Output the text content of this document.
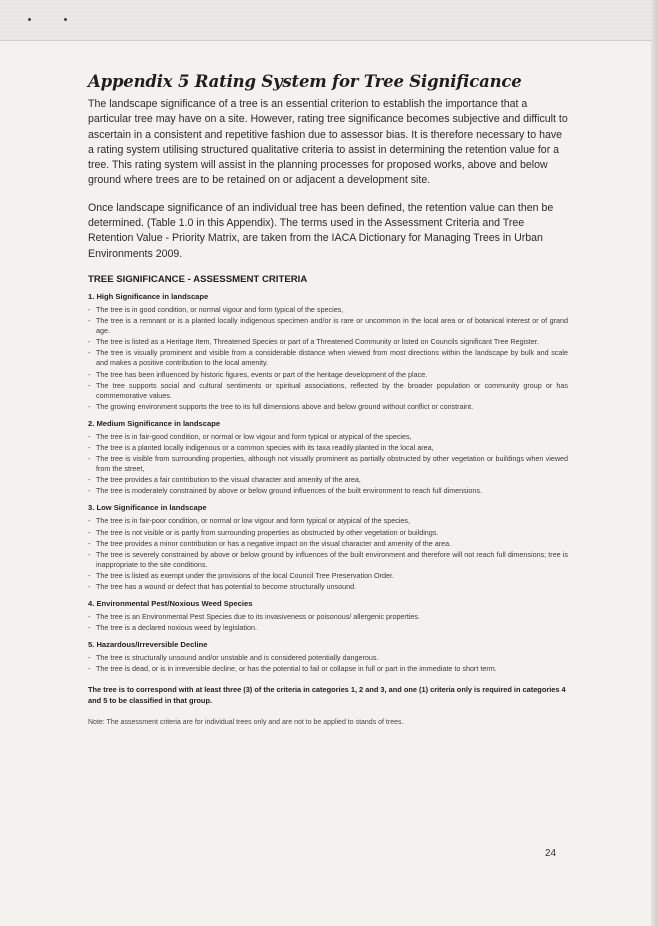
Appendix 5 Rating System for Tree Significance

The landscape significance of a tree is an essential criterion to establish the importance that a particular tree may have on a site. However, rating tree significance becomes subjective and difficult to ascertain in a consistent and repetitive fashion due to assessor bias. It is therefore necessary to have a rating system utilising structured qualitative criteria to assist in determining the retention value for a tree. This rating system will assist in the planning processes for proposed works, above and below ground where trees are to be retained on or adjacent a development site.

Once landscape significance of an individual tree has been defined, the retention value can then be determined. (Table 1.0 in this Appendix). The terms used in the Assessment Criteria and Tree Retention Value - Priority Matrix, are taken from the IACA Dictionary for Managing Trees in Urban Environments 2009.

TREE SIGNIFICANCE - ASSESSMENT CRITERIA
1. High Significance in landscape
- The tree is in good condition, or normal vigour and form typical of the species,
- The tree is a remnant or is a planted locally indigenous specimen and/or is rare or uncommon in the local area or of botanical interest or of grand age.
- The tree is listed as a Heritage Item, Threatened Species or part of a Threatened Community or listed on Councils significant Tree Register.
- The tree is visually prominent and visible from a considerable distance when viewed from most directions within the landscape by bulk and scale and makes a positive contribution to the local amenity.
- The tree has been influenced by historic figures, events or part of the heritage development of the place.
- The tree supports social and cultural sentiments or spiritual associations, reflected by the broader population or community group or has commemorative values.
- The growing environment supports the tree to its full dimensions above and below ground without conflict or constraint.
2. Medium Significance in landscape
- The tree is in fair-good condition, or normal or low vigour and form typical or atypical of the species,
- The tree is a planted locally indigenous or a common species with its taxa readily planted in the local area,
- The tree is visible from surrounding properties, although not visually prominent as partially obstructed by other vegetation or buildings when viewed from the street,
- The tree provides a fair contribution to the visual character and amenity of the area,
- The tree is moderately constrained by above or below ground influences of the built environment to reach full dimensions.
3. Low Significance in landscape
- The tree is in fair-poor condition, or normal or low vigour and form typical or atypical of the species,
- The tree is not visible or is partly from surrounding properties as obstructed by other vegetation or buildings.
- The tree provides a minor contribution or has a negative impact on the visual character and amenity of the area.
- The tree is severely constrained by above or below ground by influences of the built environment and therefore will not reach full dimensions; tree is inappropriate to the site conditions.
- The tree is listed as exempt under the provisions of the local Council Tree Preservation Order.
- The tree has a wound or defect that has potential to become structurally unsound.
4. Environmental Pest/Noxious Weed Species
- The tree is an Environmental Pest Species due to its invasiveness or poisonous/ allergenic properties.
- The tree is a declared noxious weed by legislation.
5. Hazardous/Irreversible Decline
- The tree is structurally unsound and/or unstable and is considered potentially dangerous.
- The tree is dead, or is in irreversible decline, or has the potential to fail or collapse in full or part in the immediate to short term.

The tree is to correspond with at least three (3) of the criteria in categories 1, 2 and 3, and one (1) criteria only is required in categories 4 and 5 to be classified in that group.

Note: The assessment criteria are for individual trees only and are not to be applied to stands of trees.

24
